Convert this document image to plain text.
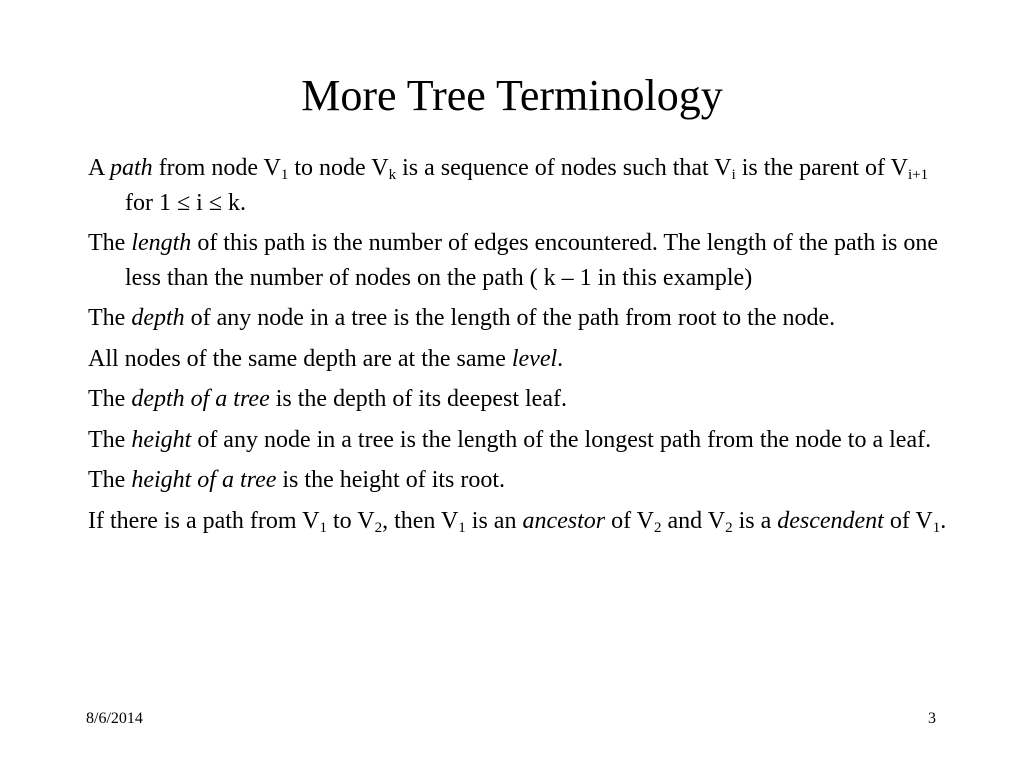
More Tree Terminology

A path from node $V_1$ to node $V_k$ is a sequence of nodes such that $V_i$ is the parent of $V_{i+1}$ for 1 ≤ i ≤ k.

The length of this path is the number of edges encountered. The length of the path is one less than the number of nodes on the path ( k – 1 in this example)

The depth of any node in a tree is the length of the path from root to the node.

All nodes of the same depth are at the same level.

The depth of a tree is the depth of its deepest leaf.

The height of any node in a tree is the length of the longest path from the node to a leaf.

The height of a tree is the height of its root.

If there is a path from $V_1$ to $V_2$, then $V_1$ is an ancestor of $V_2$ and $V_2$ is a descendent of $V_1$.

8/6/2014	3
